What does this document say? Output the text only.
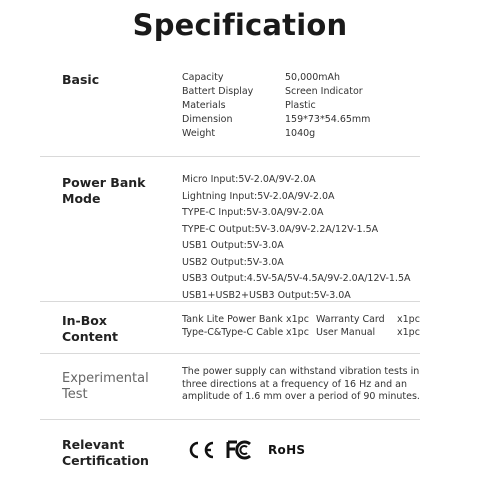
Specification
Basic	Capacity	50,000mAh
Battert Display	Screen Indicator
Materials	Plastic
Dimension	159*73*54.65mm
Weight	1040g
Power Bank
Mode
Micro Input:5V-2.0A/9V-2.0A
Lightning Input:5V-2.0A/9V-2.0A
TYPE-C Input:5V-3.0A/9V-2.0A
TYPE-C Output:5V-3.0A/9V-2.2A/12V-1.5A
USB1 Output:5V-3.0A
USB2 Output:5V-3.0A
USB3 Output:4.5V-5A/5V-4.5A/9V-2.0A/12V-1.5A
USB1+USB2+USB3 Output:5V-3.0A
In-Box
Content
Tank Lite Power Bank x1pc Warranty Card x1pc
Type-C&Type-C Cable x1pc User Manual x1pc
Experimental
Test
The power supply can withstand vibration tests in three directions at a frequency of 16 Hz and an amplitude of 1.6 mm over a period of 90 minutes.
Relevant
Certification
RoHS
